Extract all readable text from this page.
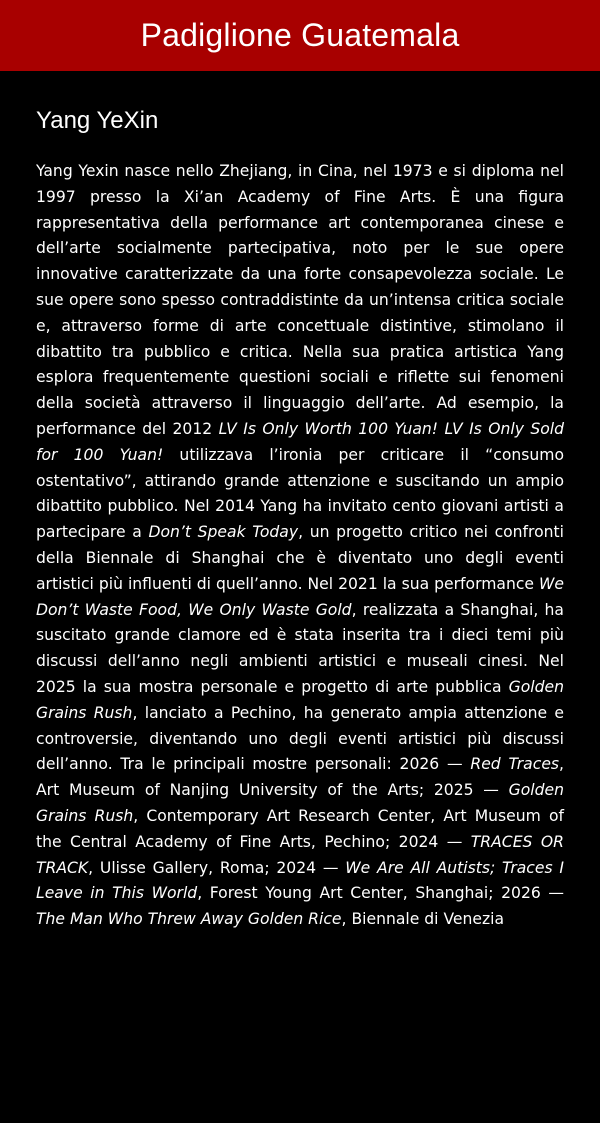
Padiglione Guatemala
Yang YeXin

Yang Yexin nasce nello Zhejiang, in Cina, nel 1973 e si diploma nel 1997 presso la Xi’an Academy of Fine Arts. È una figura rappresentativa della performance art contemporanea cinese e dell’arte socialmente partecipativa, noto per le sue opere innovative caratterizzate da una forte consapevolezza sociale. Le sue opere sono spesso contraddistinte da un’intensa critica sociale e, attraverso forme di arte concettuale distintive, stimolano il dibattito tra pubblico e critica. Nella sua pratica artistica Yang esplora frequentemente questioni sociali e riflette sui fenomeni della società attraverso il linguaggio dell’arte. Ad esempio, la performance del 2012 LV Is Only Worth 100 Yuan! LV Is Only Sold for 100 Yuan! utilizzava l’ironia per criticare il “consumo ostentativo”, attirando grande attenzione e suscitando un ampio dibattito pubblico. Nel 2014 Yang ha invitato cento giovani artisti a partecipare a Don’t Speak Today, un progetto critico nei confronti della Biennale di Shanghai che è diventato uno degli eventi artistici più influenti di quell’anno. Nel 2021 la sua performance We Don’t Waste Food, We Only Waste Gold, realizzata a Shanghai, ha suscitato grande clamore ed è stata inserita tra i dieci temi più discussi dell’anno negli ambienti artistici e museali cinesi. Nel 2025 la sua mostra personale e progetto di arte pubblica Golden Grains Rush, lanciato a Pechino, ha generato ampia attenzione e controversie, diventando uno degli eventi artistici più discussi dell’anno. Tra le principali mostre personali: 2026 — Red Traces, Art Museum of Nanjing University of the Arts; 2025 — Golden Grains Rush, Contemporary Art Research Center, Art Museum of the Central Academy of Fine Arts, Pechino; 2024 — TRACES OR TRACK, Ulisse Gallery, Roma; 2024 — We Are All Autists; Traces I Leave in This World, Forest Young Art Center, Shanghai; 2026 — The Man Who Threw Away Golden Rice, Biennale di Venezia
